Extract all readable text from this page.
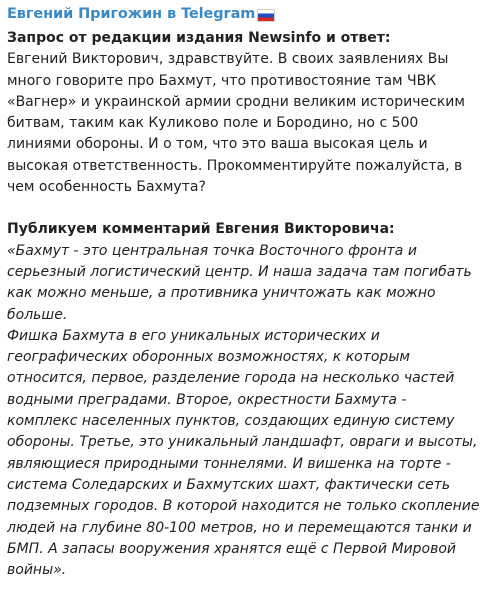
Евгений Пригожин в Telegram

Запрос от редакции издания Newsinfo и ответ:

Евгений Викторович, здравствуйте. В своих заявлениях Вы много говорите про Бахмут, что противостояние там ЧВК «Вагнер» и украинской армии сродни великим историческим битвам, таким как Куликово поле и Бородино, но с 500 линиями обороны. И о том, что это ваша высокая цель и высокая ответственность. Прокомментируйте пожалуйста, в чем особенность Бахмута?

Публикуем комментарий Евгения Викторовича:

«Бахмут - это центральная точка Восточного фронта и серьезный логистический центр. И наша задача там погибать как можно меньше, а противника уничтожать как можно больше.

Фишка Бахмута в его уникальных исторических и географических оборонных возможностях, к которым относится, первое, разделение города на несколько частей водными преградами. Второе, окрестности Бахмута - комплекс населенных пунктов, создающих единую систему обороны. Третье, это уникальный ландшафт, овраги и высоты, являющиеся природными тоннелями. И вишенка на торте - система Соледарских и Бахмутских шахт, фактически сеть подземных городов. В которой находится не только скопление людей на глубине 80-100 метров, но и перемещаются танки и БМП. А запасы вооружения хранятся ещё с Первой Мировой войны».
